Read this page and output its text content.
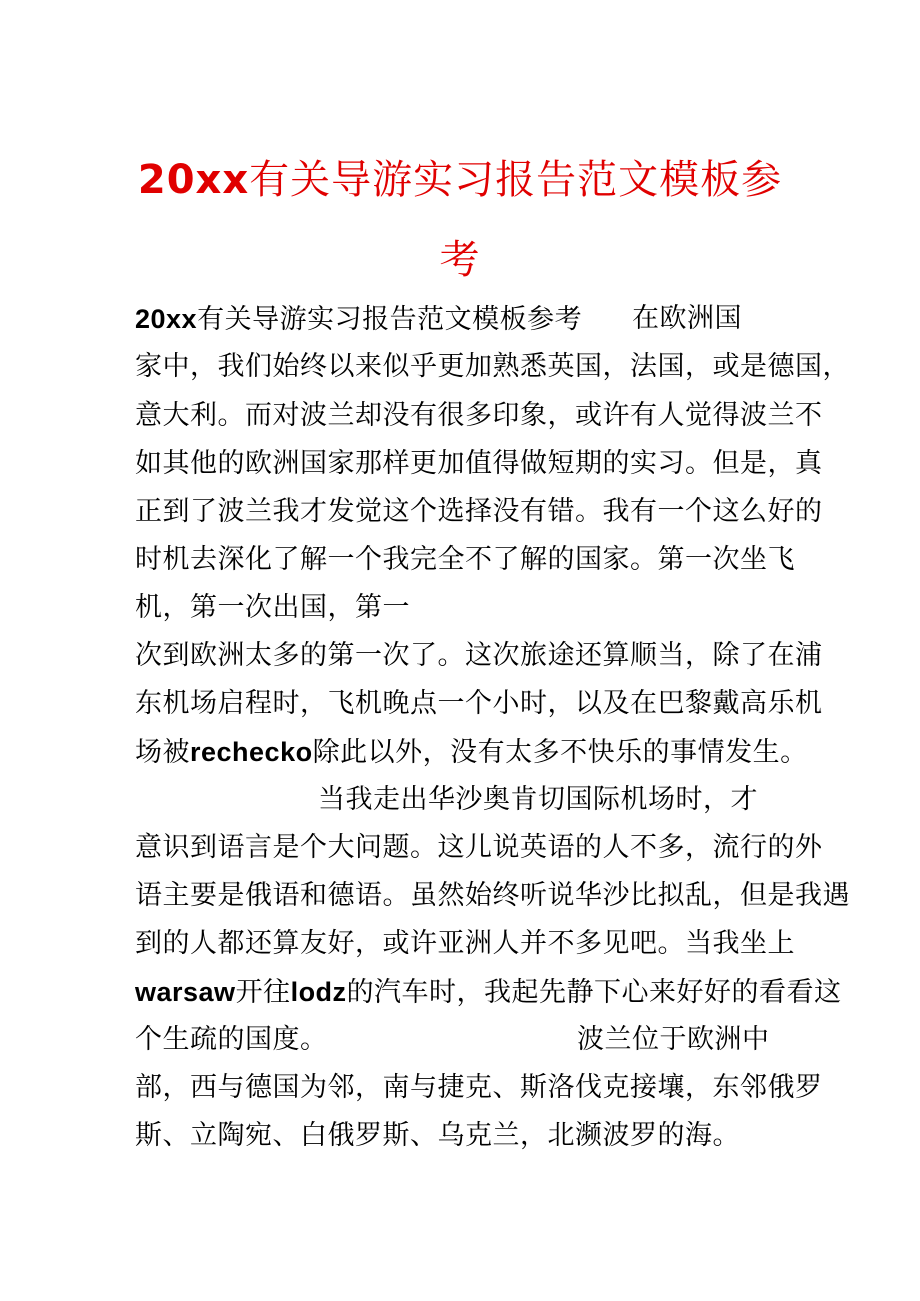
20xx有关导游实习报告范文模板参
考
20xx有关导游实习报告范文模板参考 在欧洲国
家中，我们始终以来似乎更加熟悉英国，法国，或是德国，
意大利。而对波兰却没有很多印象，或许有人觉得波兰不
如其他的欧洲国家那样更加值得做短期的实习。但是，真
正到了波兰我才发觉这个选择没有错。我有一个这么好的
时机去深化了解一个我完全不了解的国家。第一次坐飞
机，第一次出国，第一
次到欧洲太多的第一次了。这次旅途还算顺当，除了在浦
东机场启程时，飞机晚点一个小时，以及在巴黎戴高乐机
场被rechecko除此以外，没有太多不快乐的事情发生。
当我走出华沙奥肯切国际机场时，才
意识到语言是个大问题。这儿说英语的人不多，流行的外
语主要是俄语和德语。虽然始终听说华沙比拟乱，但是我遇
到的人都还算友好，或许亚洲人并不多见吧。当我坐上
warsaw开往lodz的汽车时，我起先静下心来好好的看看这
个生疏的国度。	波兰位于欧洲中
部，西与德国为邻，南与捷克、斯洛伐克接壤，东邻俄罗
斯、立陶宛、白俄罗斯、乌克兰，北濒波罗的海。
